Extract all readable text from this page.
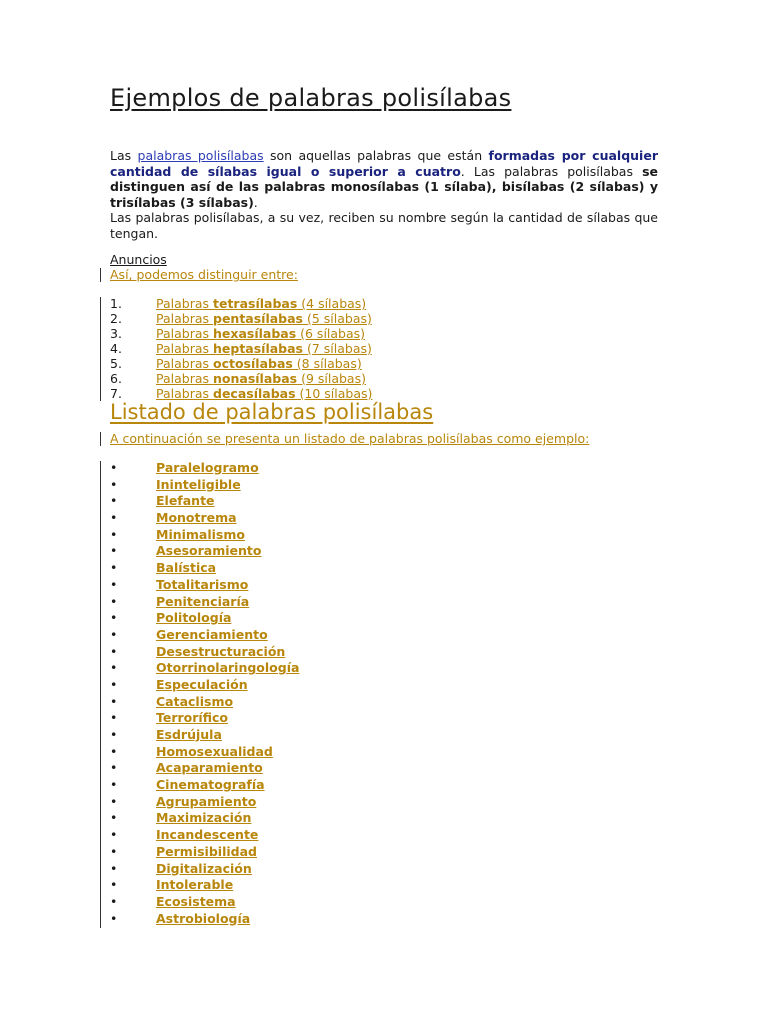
Ejemplos de palabras polisílabas

Las palabras polisílabas son aquellas palabras que están formadas por cualquier cantidad de sílabas igual o superior a cuatro. Las palabras polisílabas se distinguen así de las palabras monosílabas (1 sílaba), bisílabas (2 sílabas) y trisílabas (3 sílabas).

Las palabras polisílabas, a su vez, reciben su nombre según la cantidad de sílabas que tengan.

Anuncios
Así, podemos distinguir entre:
1.	Palabras tetrasílabas (4 sílabas)
2.	Palabras pentasílabas (5 sílabas)
3.	Palabras hexasílabas (6 sílabas)
4.	Palabras heptasílabas (7 sílabas)
5.	Palabras octosílabas (8 sílabas)
6.	Palabras nonasílabas (9 sílabas)
7.	Palabras decasílabas (10 sílabas)
Listado de palabras polisílabas
A continuación se presenta un listado de palabras polisílabas como ejemplo:
•	Paralelogramo
•	Ininteligible
•	Elefante
•	Monotrema
•	Minimalismo
•	Asesoramiento
•	Balística
•	Totalitarismo
•	Penitenciaría
•	Politología
•	Gerenciamiento
•	Desestructuración
•	Otorrinolaringología
•	Especulación
•	Cataclismo
•	Terrorífico
•	Esdrújula
•	Homosexualidad
•	Acaparamiento
•	Cinematografía
•	Agrupamiento
•	Maximización
•	Incandescente
•	Permisibilidad
•	Digitalización
•	Intolerable
•	Ecosistema
•	Astrobiología
